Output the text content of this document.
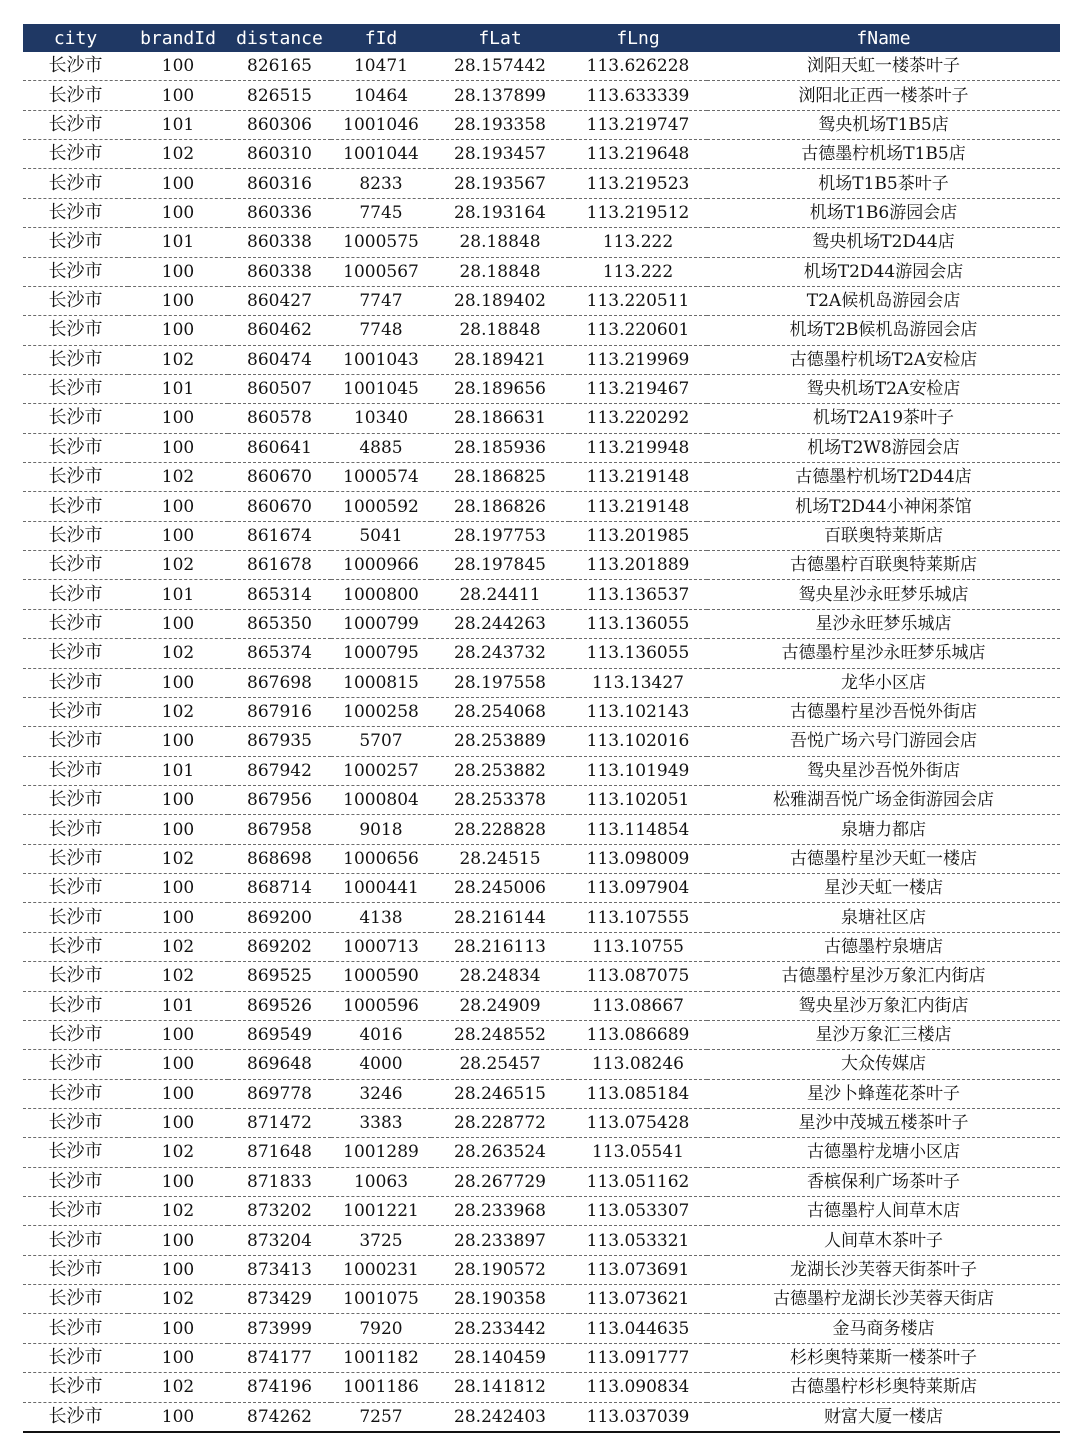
city	brandId	distance	fId	fLat	fLng	fName
长沙市	100	826165	10471	28.157442	113.626228	浏阳天虹一楼茶叶子
长沙市	100	826515	10464	28.137899	113.633339	浏阳北正西一楼茶叶子
长沙市	101	860306	1001046	28.193358	113.219747	鸳央机场T1B5店
长沙市	102	860310	1001044	28.193457	113.219648	古德墨柠机场T1B5店
长沙市	100	860316	8233	28.193567	113.219523	机场T1B5茶叶子
长沙市	100	860336	7745	28.193164	113.219512	机场T1B6游园会店
长沙市	101	860338	1000575	28.18848	113.222	鸳央机场T2D44店
长沙市	100	860338	1000567	28.18848	113.222	机场T2D44游园会店
长沙市	100	860427	7747	28.189402	113.220511	T2A候机岛游园会店
长沙市	100	860462	7748	28.18848	113.220601	机场T2B候机岛游园会店
长沙市	102	860474	1001043	28.189421	113.219969	古德墨柠机场T2A安检店
长沙市	101	860507	1001045	28.189656	113.219467	鸳央机场T2A安检店
长沙市	100	860578	10340	28.186631	113.220292	机场T2A19茶叶子
长沙市	100	860641	4885	28.185936	113.219948	机场T2W8游园会店
长沙市	102	860670	1000574	28.186825	113.219148	古德墨柠机场T2D44店
长沙市	100	860670	1000592	28.186826	113.219148	机场T2D44小神闲茶馆
长沙市	100	861674	5041	28.197753	113.201985	百联奥特莱斯店
长沙市	102	861678	1000966	28.197845	113.201889	古德墨柠百联奥特莱斯店
长沙市	101	865314	1000800	28.24411	113.136537	鸳央星沙永旺梦乐城店
长沙市	100	865350	1000799	28.244263	113.136055	星沙永旺梦乐城店
长沙市	102	865374	1000795	28.243732	113.136055	古德墨柠星沙永旺梦乐城店
长沙市	100	867698	1000815	28.197558	113.13427	龙华小区店
长沙市	102	867916	1000258	28.254068	113.102143	古德墨柠星沙吾悦外街店
长沙市	100	867935	5707	28.253889	113.102016	吾悦广场六号门游园会店
长沙市	101	867942	1000257	28.253882	113.101949	鸳央星沙吾悦外街店
长沙市	100	867956	1000804	28.253378	113.102051	松雅湖吾悦广场金街游园会店
长沙市	100	867958	9018	28.228828	113.114854	泉塘力都店
长沙市	102	868698	1000656	28.24515	113.098009	古德墨柠星沙天虹一楼店
长沙市	100	868714	1000441	28.245006	113.097904	星沙天虹一楼店
长沙市	100	869200	4138	28.216144	113.107555	泉塘社区店
长沙市	102	869202	1000713	28.216113	113.10755	古德墨柠泉塘店
长沙市	102	869525	1000590	28.24834	113.087075	古德墨柠星沙万象汇内街店
长沙市	101	869526	1000596	28.24909	113.08667	鸳央星沙万象汇内街店
长沙市	100	869549	4016	28.248552	113.086689	星沙万象汇三楼店
长沙市	100	869648	4000	28.25457	113.08246	大众传媒店
长沙市	100	869778	3246	28.246515	113.085184	星沙卜蜂莲花茶叶子
长沙市	100	871472	3383	28.228772	113.075428	星沙中茂城五楼茶叶子
长沙市	102	871648	1001289	28.263524	113.05541	古德墨柠龙塘小区店
长沙市	100	871833	10063	28.267729	113.051162	香槟保利广场茶叶子
长沙市	102	873202	1001221	28.233968	113.053307	古德墨柠人间草木店
长沙市	100	873204	3725	28.233897	113.053321	人间草木茶叶子
长沙市	100	873413	1000231	28.190572	113.073691	龙湖长沙芙蓉天街茶叶子
长沙市	102	873429	1001075	28.190358	113.073621	古德墨柠龙湖长沙芙蓉天街店
长沙市	100	873999	7920	28.233442	113.044635	金马商务楼店
长沙市	100	874177	1001182	28.140459	113.091777	杉杉奥特莱斯一楼茶叶子
长沙市	102	874196	1001186	28.141812	113.090834	古德墨柠杉杉奥特莱斯店
长沙市	100	874262	7257	28.242403	113.037039	财富大厦一楼店
